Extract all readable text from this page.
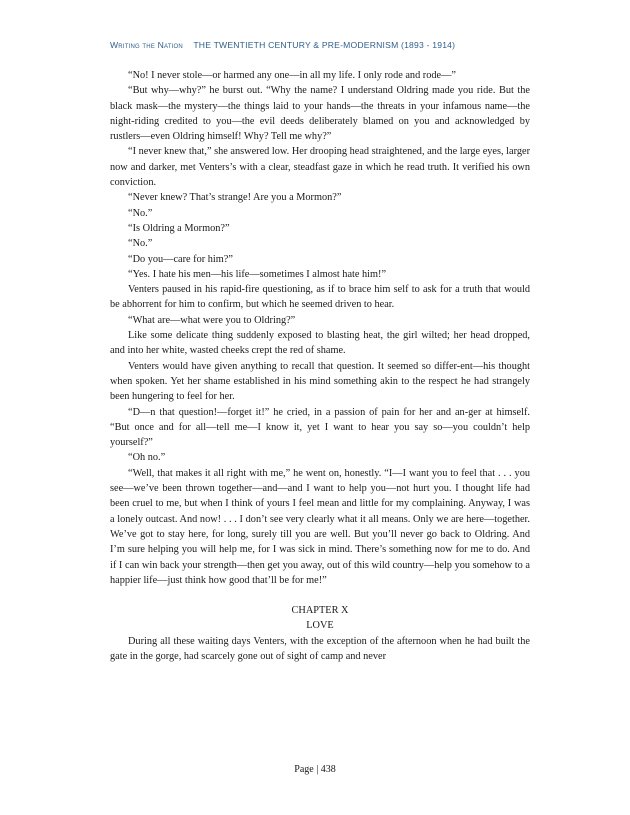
Writing the Nation THE TWENTIETH CENTURY & PRE-MODERNISM (1893 - 1914)

“No! I never stole—or harmed any one—in all my life. I only rode and rode—”

“But why—why?” he burst out. “Why the name? I understand Oldring made you ride. But the black mask—the mystery—the things laid to your hands—the threats in your infamous name—the night-riding credited to you—the evil deeds deliberately blamed on you and acknowledged by rustlers—even Oldring himself! Why? Tell me why?”

“I never knew that,” she answered low. Her drooping head straightened, and the large eyes, larger now and darker, met Venters’s with a clear, steadfast gaze in which he read truth. It verified his own conviction.

“Never knew? That’s strange! Are you a Mormon?”

“No.”

“Is Oldring a Mormon?”

“No.”

“Do you—care for him?”

“Yes. I hate his men—his life—sometimes I almost hate him!”

Venters paused in his rapid-fire questioning, as if to brace him self to ask for a truth that would be abhorrent for him to confirm, but which he seemed driven to hear.

“What are—what were you to Oldring?”

Like some delicate thing suddenly exposed to blasting heat, the girl wilted; her head dropped, and into her white, wasted cheeks crept the red of shame.

Venters would have given anything to recall that question. It seemed so differ-ent—his thought when spoken. Yet her shame established in his mind something akin to the respect he had strangely been hungering to feel for her.

“D—n that question!—forget it!” he cried, in a passion of pain for her and an-ger at himself. “But once and for all—tell me—I know it, yet I want to hear you say so—you couldn’t help yourself?”

“Oh no.”

“Well, that makes it all right with me,” he went on, honestly. “I—I want you to feel that . . . you see—we’ve been thrown together—and—and I want to help you—not hurt you. I thought life had been cruel to me, but when I think of yours I feel mean and little for my complaining. Anyway, I was a lonely outcast. And now! . . . I don’t see very clearly what it all means. Only we are here—together. We’ve got to stay here, for long, surely till you are well. But you’ll never go back to Oldring. And I’m sure helping you will help me, for I was sick in mind. There’s something now for me to do. And if I can win back your strength—then get you away, out of this wild country—help you somehow to a happier life—just think how good that’ll be for me!”

CHAPTER X
LOVE

During all these waiting days Venters, with the exception of the afternoon when he had built the gate in the gorge, had scarcely gone out of sight of camp and never

Page | 438
